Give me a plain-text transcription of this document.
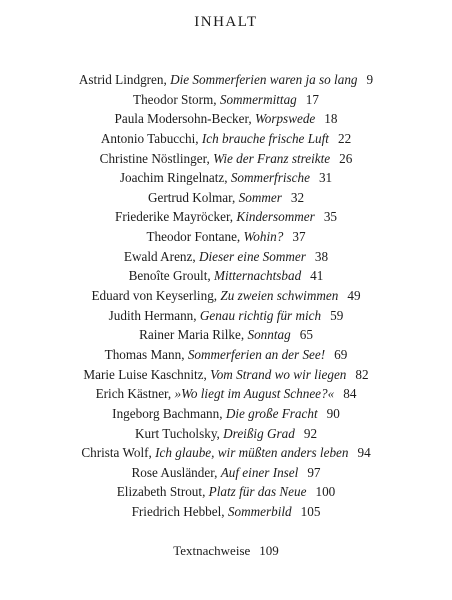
INHALT
Astrid Lindgren, Die Sommerferien waren ja so lang 9
Theodor Storm, Sommermittag 17
Paula Modersohn-Becker, Worpswede 18
Antonio Tabucchi, Ich brauche frische Luft 22
Christine Nöstlinger, Wie der Franz streikte 26
Joachim Ringelnatz, Sommerfrische 31
Gertrud Kolmar, Sommer 32
Friederike Mayröcker, Kindersommer 35
Theodor Fontane, Wohin? 37
Ewald Arenz, Dieser eine Sommer 38
Benoîte Groult, Mitternachtsbad 41
Eduard von Keyserling, Zu zweien schwimmen 49
Judith Hermann, Genau richtig für mich 59
Rainer Maria Rilke, Sonntag 65
Thomas Mann, Sommerferien an der See! 69
Marie Luise Kaschnitz, Vom Strand wo wir liegen 82
Erich Kästner, »Wo liegt im August Schnee?« 84
Ingeborg Bachmann, Die große Fracht 90
Kurt Tucholsky, Dreißig Grad 92
Christa Wolf, Ich glaube, wir müßten anders leben 94
Rose Ausländer, Auf einer Insel 97
Elizabeth Strout, Platz für das Neue 100
Friedrich Hebbel, Sommerbild 105
Textnachweise 109
